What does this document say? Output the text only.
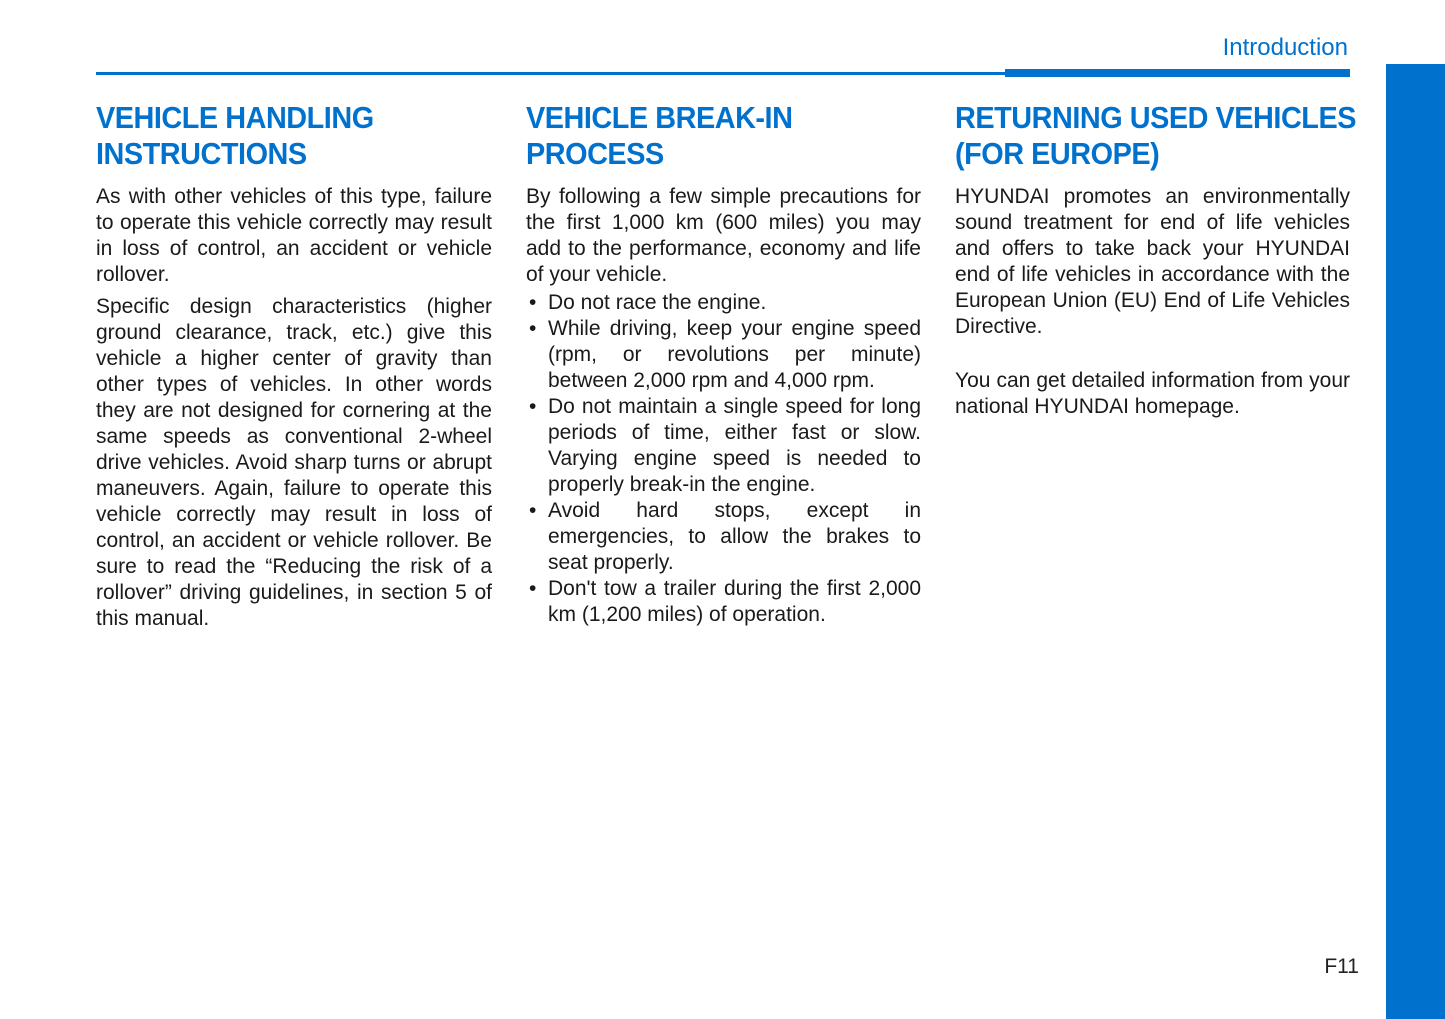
Introduction
VEHICLE HANDLING
INSTRUCTIONS

As with other vehicles of this type, failure to operate this vehicle correctly may result in loss of control, an accident or vehicle rollover.

Specific design characteristics (higher ground clearance, track, etc.) give this vehicle a higher center of gravity than other types of vehicles. In other words they are not designed for cornering at the same speeds as conventional 2-wheel drive vehicles. Avoid sharp turns or abrupt maneuvers. Again, failure to operate this vehicle correctly may result in loss of control, an accident or vehicle rollover. Be sure to read the “Reducing the risk of a rollover” driving guidelines, in section 5 of this manual.

VEHICLE BREAK-IN
PROCESS

By following a few simple precautions for the first 1,000 km (600 miles) you may add to the performance, economy and life of your vehicle.

• Do not race the engine.
• While driving, keep your engine speed (rpm, or revolutions per minute) between 2,000 rpm and 4,000 rpm.
• Do not maintain a single speed for long periods of time, either fast or slow. Varying engine speed is needed to properly break-in the engine.
• Avoid hard stops, except in emergencies, to allow the brakes to seat properly.
• Don't tow a trailer during the first 2,000 km (1,200 miles) of operation.
RETURNING USED VEHICLES
(FOR EUROPE)

HYUNDAI promotes an environmentally sound treatment for end of life vehicles and offers to take back your HYUNDAI end of life vehicles in accordance with the European Union (EU) End of Life Vehicles Directive.

You can get detailed information from your national HYUNDAI homepage.

F11
